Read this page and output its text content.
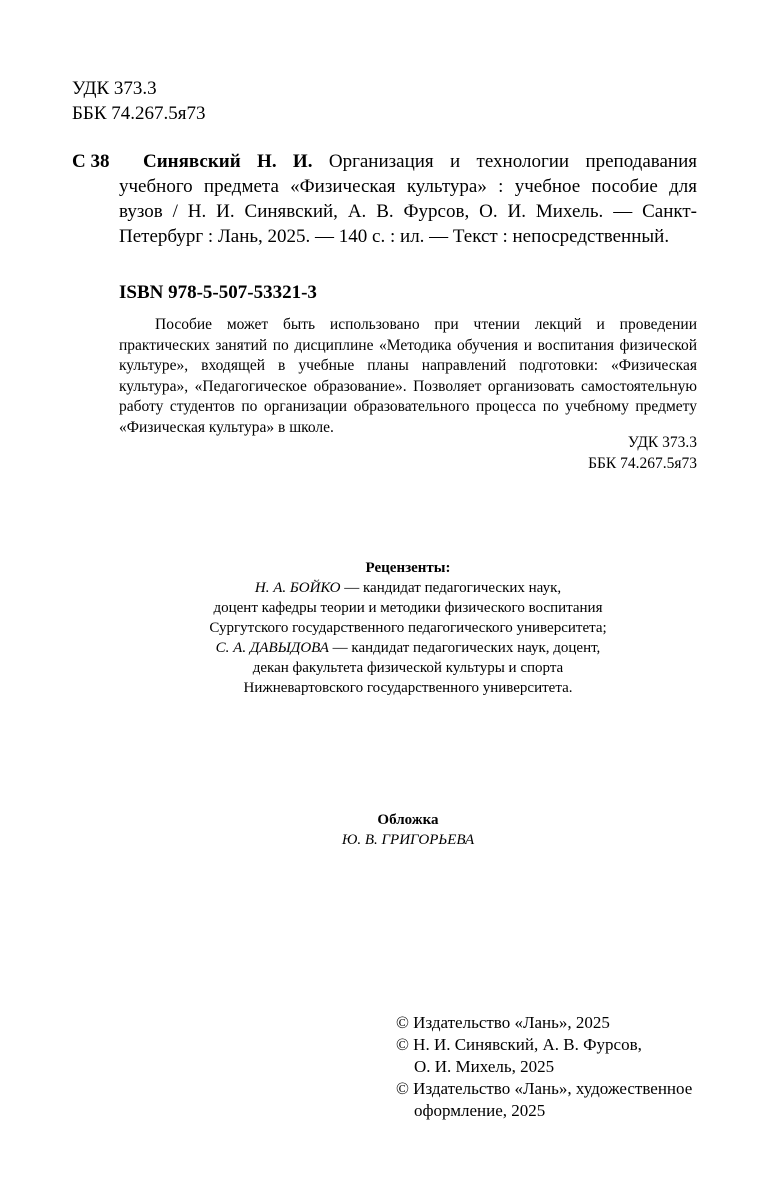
УДК 373.3
ББК 74.267.5я73
С 38	Синявский Н. И. Организация и технологии преподавания учебного предмета «Физическая культура» : учебное пособие для вузов / Н. И. Синявский, А. В. Фурсов, О. И. Михель. — Санкт-Петербург : Лань, 2025. — 140 с. : ил. — Текст : непосредственный.

ISBN 978-5-507-53321-3

Пособие может быть использовано при чтении лекций и проведении практических занятий по дисциплине «Методика обучения и воспитания физической культуре», входящей в учебные планы направлений подготовки: «Физическая культура», «Педагогическое образование». Позволяет организовать самостоятельную работу студентов по организации образовательного процесса по учебному предмету «Физическая культура» в школе.

УДК 373.3
ББК 74.267.5я73
Рецензенты:
Н. А. БОЙКО — кандидат педагогических наук,
доцент кафедры теории и методики физического воспитания
Сургутского государственного педагогического университета;
С. А. ДАВЫДОВА — кандидат педагогических наук, доцент,
декан факультета физической культуры и спорта
Нижневартовского государственного университета.
Обложка
Ю. В. ГРИГОРЬЕВА
© Издательство «Лань», 2025
© Н. И. Синявский, А. В. Фурсов,
О. И. Михель, 2025
© Издательство «Лань», художественное
оформление, 2025
